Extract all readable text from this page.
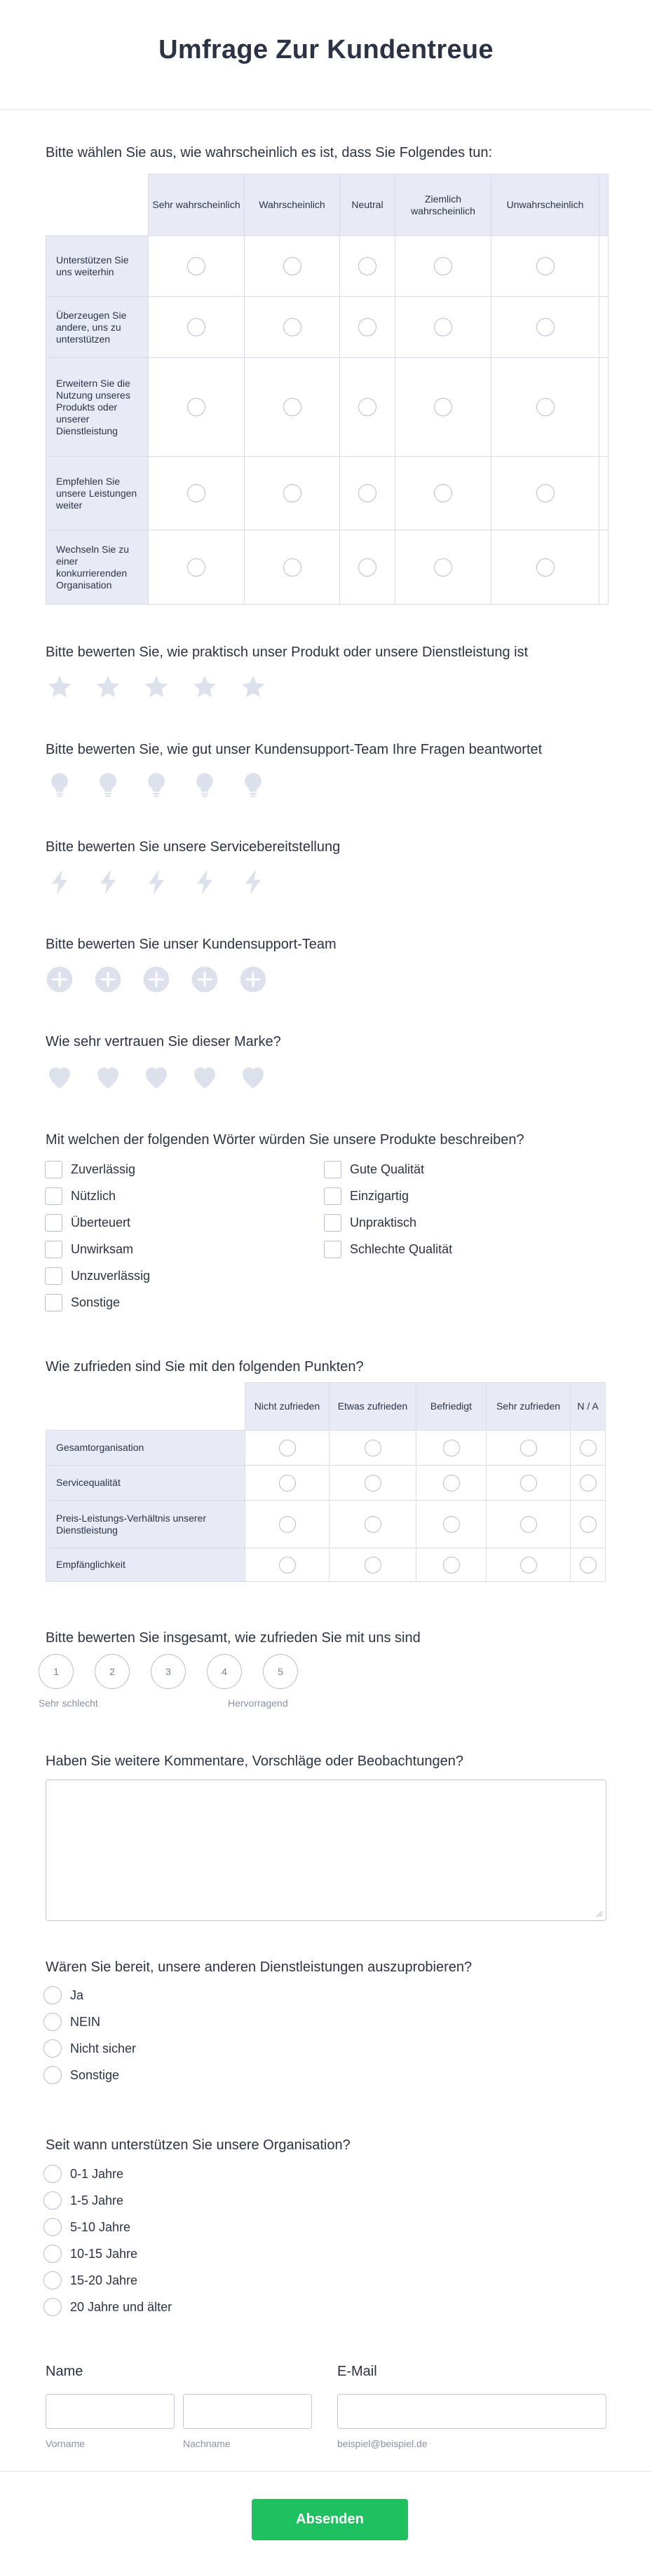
Umfrage Zur Kundentreue
Bitte wählen Sie aus, wie wahrscheinlich es ist, dass Sie Folgendes tun:
	Sehr wahrscheinlich	Wahrscheinlich	Neutral	Ziemlich wahrscheinlich	Unwahrscheinlich	
Unterstützen Sie uns weiterhin						
Überzeugen Sie andere, uns zu unterstützen						
Erweitern Sie die Nutzung unseres Produkts oder unserer Dienstleistung						
Empfehlen Sie unsere Leistungen weiter						
Wechseln Sie zu einer konkurrierenden Organisation						
Bitte bewerten Sie, wie praktisch unser Produkt oder unsere Dienstleistung ist
Bitte bewerten Sie, wie gut unser Kundensupport-Team Ihre Fragen beantwortet
Bitte bewerten Sie unsere Servicebereitstellung
Bitte bewerten Sie unser Kundensupport-Team
Wie sehr vertrauen Sie dieser Marke?
Mit welchen der folgenden Wörter würden Sie unsere Produkte beschreiben?
Zuverlässig
Nützlich
Überteuert
Unwirksam
Unzuverlässig
Sonstige
Gute Qualität
Einzigartig
Unpraktisch
Schlechte Qualität
Wie zufrieden sind Sie mit den folgenden Punkten?
	Nicht zufrieden	Etwas zufrieden	Befriedigt	Sehr zufrieden	N / A
Gesamtorganisation					
Servicequalität					
Preis-Leistungs-Verhältnis unserer Dienstleistung					
Empfänglichkeit					
Bitte bewerten Sie insgesamt, wie zufrieden Sie mit uns sind
1	2	3	4	5
Sehr schlecht	Hervorragend
Haben Sie weitere Kommentare, Vorschläge oder Beobachtungen?
Wären Sie bereit, unsere anderen Dienstleistungen auszuprobieren?
Ja
NEIN
Nicht sicher
Sonstige
Seit wann unterstützen Sie unsere Organisation?
0-1 Jahre
1-5 Jahre
5-10 Jahre
10-15 Jahre
15-20 Jahre
20 Jahre und älter
Name
Vorname	Nachname
E-Mail
beispiel@beispiel.de
Absenden
